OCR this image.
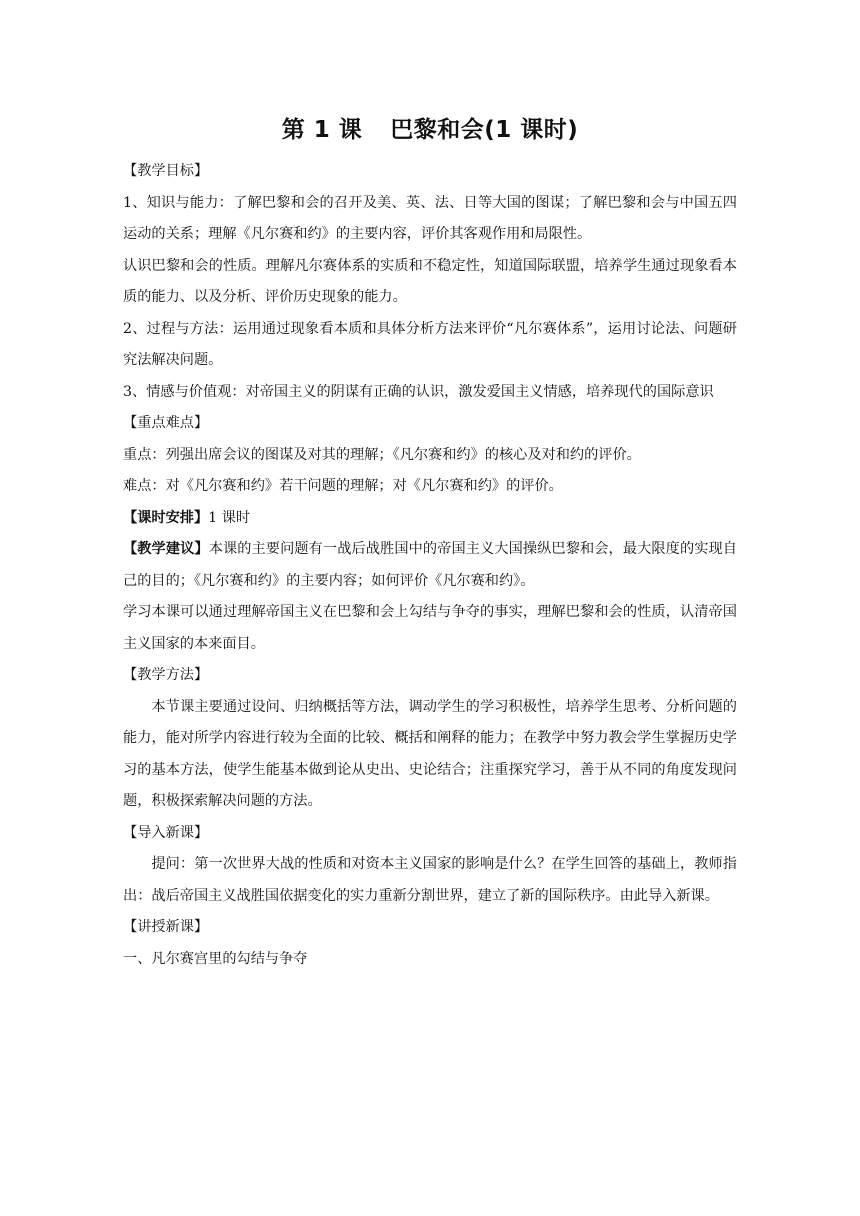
第 1 课 巴黎和会(1 课时)

【教学目标】

1、知识与能力：了解巴黎和会的召开及美、英、法、日等大国的图谋；了解巴黎和会与中国五四运动的关系；理解《凡尔赛和约》的主要内容，评价其客观作用和局限性。

认识巴黎和会的性质。理解凡尔赛体系的实质和不稳定性，知道国际联盟，培养学生通过现象看本质的能力、以及分析、评价历史现象的能力。

2、过程与方法：运用通过现象看本质和具体分析方法来评价“凡尔赛体系”，运用讨论法、问题研究法解决问题。

3、情感与价值观：对帝国主义的阴谋有正确的认识，激发爱国主义情感，培养现代的国际意识

【重点难点】

重点：列强出席会议的图谋及对其的理解；《凡尔赛和约》的核心及对和约的评价。

难点：对《凡尔赛和约》若干问题的理解；对《凡尔赛和约》的评价。

【课时安排】1 课时

【教学建议】本课的主要问题有一战后战胜国中的帝国主义大国操纵巴黎和会，最大限度的实现自己的目的；《凡尔赛和约》的主要内容；如何评价《凡尔赛和约》。

学习本课可以通过理解帝国主义在巴黎和会上勾结与争夺的事实，理解巴黎和会的性质，认清帝国主义国家的本来面目。

【教学方法】

本节课主要通过设问、归纳概括等方法，调动学生的学习积极性，培养学生思考、分析问题的能力，能对所学内容进行较为全面的比较、概括和阐释的能力；在教学中努力教会学生掌握历史学习的基本方法，使学生能基本做到论从史出、史论结合；注重探究学习，善于从不同的角度发现问题，积极探索解决问题的方法。

【导入新课】

提问：第一次世界大战的性质和对资本主义国家的影响是什么？在学生回答的基础上，教师指出：战后帝国主义战胜国依据变化的实力重新分割世界，建立了新的国际秩序。由此导入新课。

【讲授新课】

一、凡尔赛宫里的勾结与争夺
